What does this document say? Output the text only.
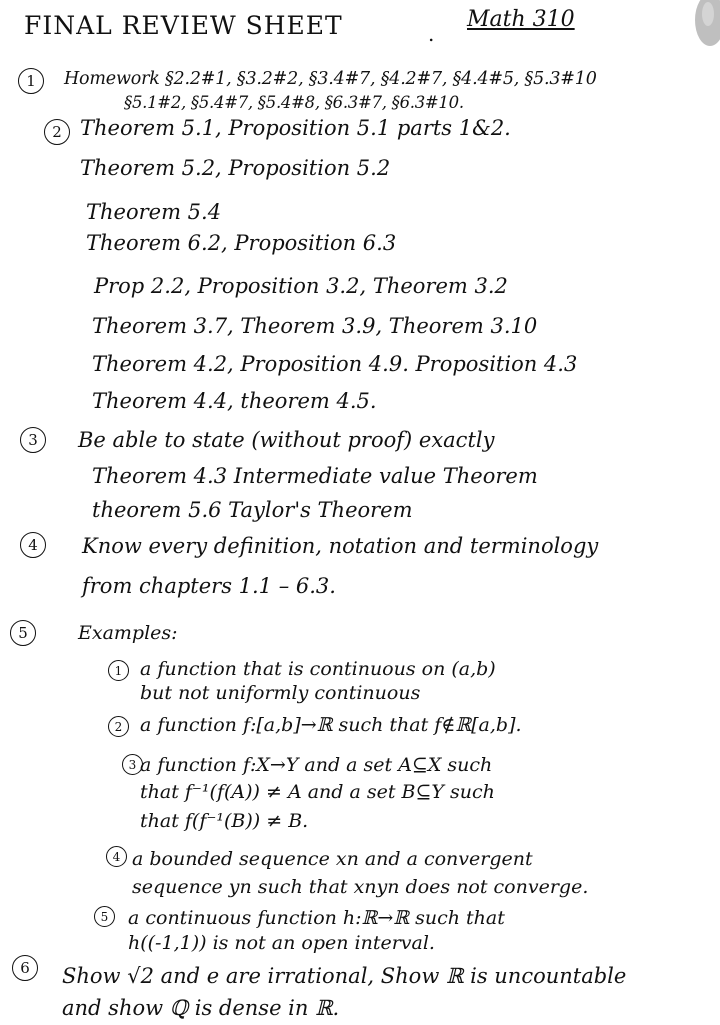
FINAL REVIEW SHEET	Math 310
.
1	Homework §2.2#1, §3.2#2, §3.4#7, §4.2#7, §4.4#5, §5.3#10
§5.1#2, §5.4#7, §5.4#8, §6.3#7, §6.3#10.
2 Theorem 5.1, Proposition 5.1 parts 1&2.
Theorem 5.2, Proposition 5.2
Theorem 5.4
Theorem 6.2, Proposition 6.3
Prop 2.2, Proposition 3.2, Theorem 3.2
Theorem 3.7, Theorem 3.9, Theorem 3.10
Theorem 4.2, Proposition 4.9. Proposition 4.3
Theorem 4.4, theorem 4.5.
3	Be able to state (without proof) exactly
Theorem 4.3 Intermediate value Theorem
theorem 5.6 Taylor's Theorem
4	Know every definition, notation and terminology
from chapters 1.1 – 6.3.
5	Examples:
1 a function that is continuous on (a,b)
but not uniformly continuous
2 a function f:[a,b]→ℝ such that f∉ℝ[a,b].
3 a function f:X→Y and a set A⊆X such
that f⁻¹(f(A)) ≠ A and a set B⊆Y such
that f(f⁻¹(B)) ≠ B.
4 a bounded sequence xn and a convergent
sequence yn such that xnyn does not converge.
5	a continuous function h:ℝ→ℝ such that
h((-1,1)) is not an open interval.
6	Show √2 and e are irrational, Show ℝ is uncountable
and show ℚ is dense in ℝ.
